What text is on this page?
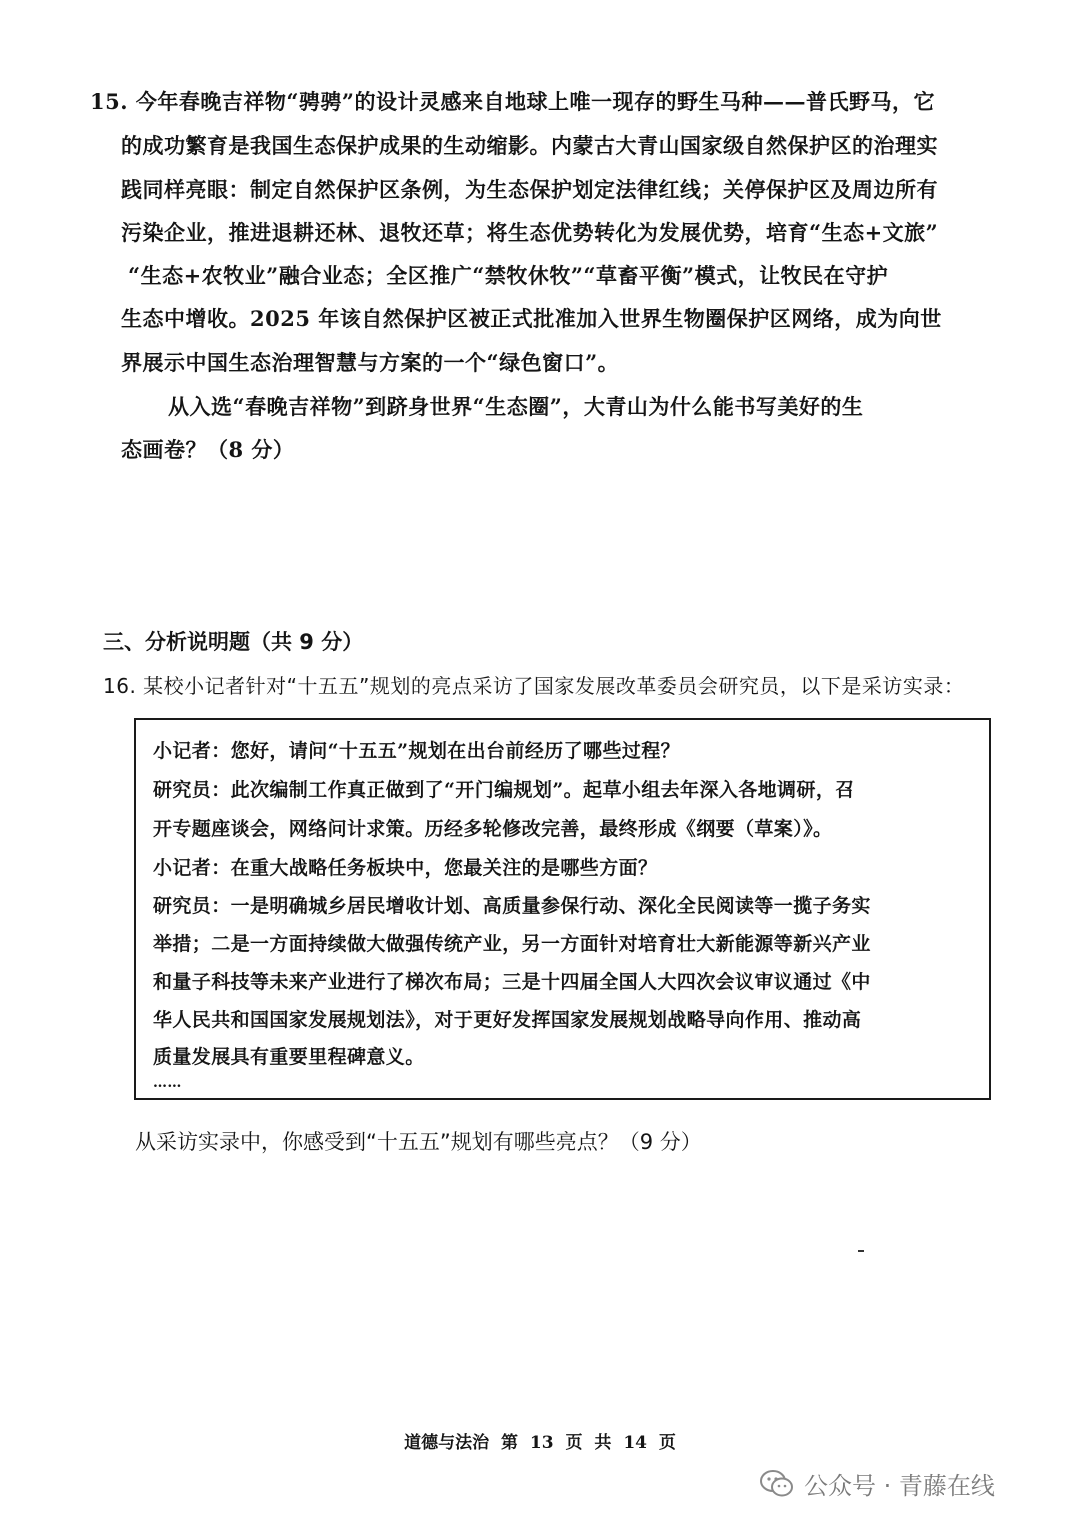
15. 今年春晚吉祥物“骋骋”的设计灵感来自地球上唯一现存的野生马种——普氏野马，它
的成功繁育是我国生态保护成果的生动缩影。内蒙古大青山国家级自然保护区的治理实
践同样亮眼：制定自然保护区条例，为生态保护划定法律红线；关停保护区及周边所有
污染企业，推进退耕还林、退牧还草；将生态优势转化为发展优势，培育“生态+文旅”
“生态+农牧业”融合业态；全区推广“禁牧休牧”“草畜平衡”模式，让牧民在守护
生态中增收。2025 年该自然保护区被正式批准加入世界生物圈保护区网络，成为向世
界展示中国生态治理智慧与方案的一个“绿色窗口”。
从入选“春晚吉祥物”到跻身世界“生态圈”，大青山为什么能书写美好的生
态画卷？（8 分）
三、分析说明题（共 9 分）
16. 某校小记者针对“十五五”规划的亮点采访了国家发展改革委员会研究员，以下是采访实录：
小记者：您好，请问“十五五”规划在出台前经历了哪些过程？
研究员：此次编制工作真正做到了“开门编规划”。起草小组去年深入各地调研，召
开专题座谈会，网络问计求策。历经多轮修改完善，最终形成《纲要（草案）》。
小记者：在重大战略任务板块中，您最关注的是哪些方面？
研究员：一是明确城乡居民增收计划、高质量参保行动、深化全民阅读等一揽子务实
举措；二是一方面持续做大做强传统产业，另一方面针对培育壮大新能源等新兴产业
和量子科技等未来产业进行了梯次布局；三是十四届全国人大四次会议审议通过《中
华人民共和国国家发展规划法》，对于更好发挥国家发展规划战略导向作用、推动高
质量发展具有重要里程碑意义。
……
从采访实录中，你感受到“十五五”规划有哪些亮点？（9 分）
道德与法治 第 13 页 共 14 页
公众号 · 青藤在线
